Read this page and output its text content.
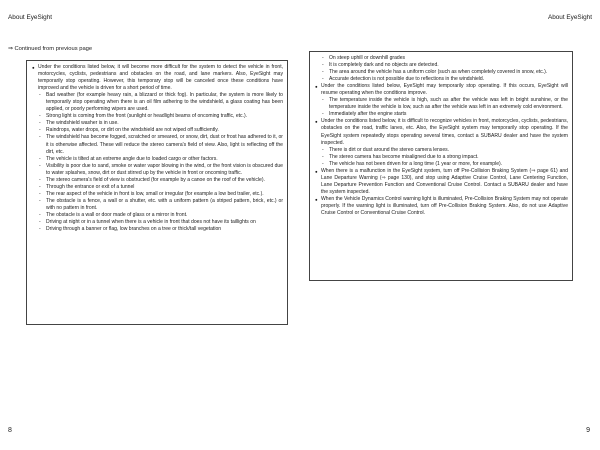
About EyeSight	About EyeSight
⇒ Continued from previous page
● Under the conditions listed below, it will become more difficult for the system to detect the vehicle in front, motorcycles, cyclists, pedestrians and obstacles on the road, and lane markers. Also, EyeSight may temporarily stop operating. However, this temporary stop will be canceled once these conditions have improved and the vehicle is driven for a short period of time.
- Bad weather (for example heavy rain, a blizzard or thick fog). In particular, the system is more likely to temporarily stop operating when there is an oil film adhering to the windshield, a glass coating has been applied, or poorly performing wipers are used.
- Strong light is coming from the front (sunlight or headlight beams of oncoming traffic, etc.).
- The windshield washer is in use.
- Raindrops, water drops, or dirt on the windshield are not wiped off sufficiently.
- The windshield has become fogged, scratched or smeared, or snow, dirt, dust or frost has adhered to it, or it is otherwise affected. These will reduce the stereo camera's field of view. Also, light is reflecting off the dirt, etc.
- The vehicle is tilted at an extreme angle due to loaded cargo or other factors.
- Visibility is poor due to sand, smoke or water vapor blowing in the wind, or the front vision is obscured due to water splashes, snow, dirt or dust stirred up by the vehicle in front or oncoming traffic.
- The stereo camera's field of view is obstructed (for example by a canoe on the roof of the vehicle).
- Through the entrance or exit of a tunnel
- The rear aspect of the vehicle in front is low, small or irregular (for example a low bed trailer, etc.).
- The obstacle is a fence, a wall or a shutter, etc. with a uniform pattern (a striped pattern, brick, etc.) or with no pattern in front.
- The obstacle is a wall or door made of glass or a mirror in front.
- Driving at night or in a tunnel when there is a vehicle in front that does not have its taillights on
- Driving through a banner or flag, low branches on a tree or thick/tall vegetation
- On steep uphill or downhill grades
- It is completely dark and no objects are detected.
- The area around the vehicle has a uniform color (such as when completely covered in snow, etc.).
- Accurate detection is not possible due to reflections in the windshield.
● Under the conditions listed below, EyeSight may temporarily stop operating. If this occurs, EyeSight will resume operating when the conditions improve.
- The temperature inside the vehicle is high, such as after the vehicle was left in bright sunshine, or the temperature inside the vehicle is low, such as after the vehicle was left in an extremely cold environment.
- Immediately after the engine starts
● Under the conditions listed below, it is difficult to recognize vehicles in front, motorcycles, cyclists, pedestrians, obstacles on the road, traffic lanes, etc. Also, the EyeSight system may temporarily stop operating. If the EyeSight system repeatedly stops operating several times, contact a SUBARU dealer and have the system inspected.
- There is dirt or dust around the stereo camera lenses.
- The stereo camera has become misaligned due to a strong impact.
- The vehicle has not been driven for a long time (1 year or more, for example).
● When there is a malfunction in the EyeSight system, turn off Pre-Collision Braking System (⇒ page 61) and Lane Departure Warning (⇒ page 130), and stop using Adaptive Cruise Control, Lane Centering Function, Lane Departure Prevention Function and Conventional Cruise Control. Contact a SUBARU dealer and have the system inspected.
● When the Vehicle Dynamics Control warning light is illuminated, Pre-Collision Braking System may not operate properly. If the warning light is illuminated, turn off Pre-Collision Braking System. Also, do not use Adaptive Cruise Control or Conventional Cruise Control.
8	9
